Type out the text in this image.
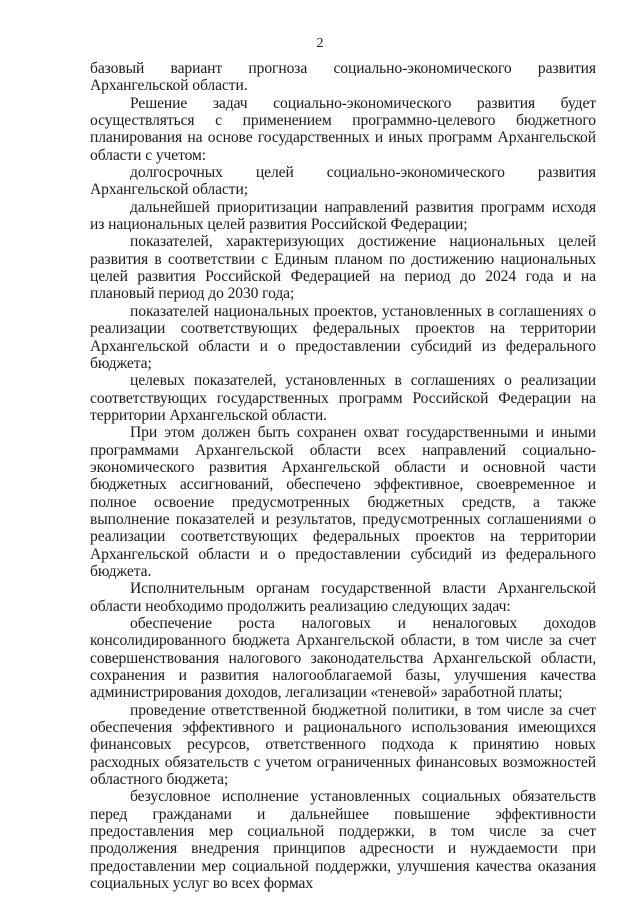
2

базовый вариант прогноза социально-экономического развития Архангельской области.

Решение задач социально-экономического развития будет осуществляться с применением программно-целевого бюджетного планирования на основе государственных и иных программ Архангельской области с учетом:

долгосрочных целей социально-экономического развития Архангельской области;

дальнейшей приоритизации направлений развития программ исходя из национальных целей развития Российской Федерации;

показателей, характеризующих достижение национальных целей развития в соответствии с Единым планом по достижению национальных целей развития Российской Федерацией на период до 2024 года и на плановый период до 2030 года;

показателей национальных проектов, установленных в соглашениях о реализации соответствующих федеральных проектов на территории Архангельской области и о предоставлении субсидий из федерального бюджета;

целевых показателей, установленных в соглашениях о реализации соответствующих государственных программ Российской Федерации на территории Архангельской области.

При этом должен быть сохранен охват государственными и иными программами Архангельской области всех направлений социально-экономического развития Архангельской области и основной части бюджетных ассигнований, обеспечено эффективное, своевременное и полное освоение предусмотренных бюджетных средств, а также выполнение показателей и результатов, предусмотренных соглашениями о реализации соответствующих федеральных проектов на территории Архангельской области и о предоставлении субсидий из федерального бюджета.

Исполнительным органам государственной власти Архангельской области необходимо продолжить реализацию следующих задач:

обеспечение роста налоговых и неналоговых доходов консолидированного бюджета Архангельской области, в том числе за счет совершенствования налогового законодательства Архангельской области, сохранения и развития налогооблагаемой базы, улучшения качества администрирования доходов, легализации «теневой» заработной платы;

проведение ответственной бюджетной политики, в том числе за счет обеспечения эффективного и рационального использования имеющихся финансовых ресурсов, ответственного подхода к принятию новых расходных обязательств с учетом ограниченных финансовых возможностей областного бюджета;

безусловное исполнение установленных социальных обязательств перед гражданами и дальнейшее повышение эффективности предоставления мер социальной поддержки, в том числе за счет продолжения внедрения принципов адресности и нуждаемости при предоставлении мер социальной поддержки, улучшения качества оказания социальных услуг во всех формах
